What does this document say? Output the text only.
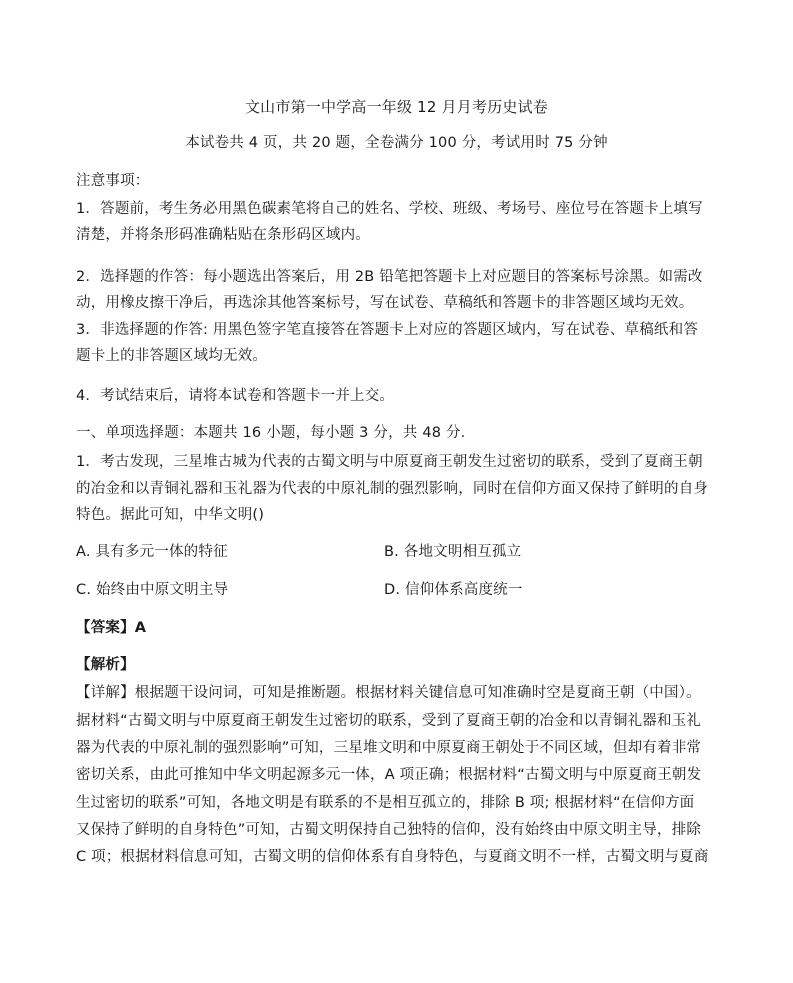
文山市第一中学高一年级 12 月月考历史试卷
本试卷共 4 页，共 20 题，全卷满分 100 分，考试用时 75 分钟
注意事项：
1．答题前，考生务必用黑色碳素笔将自己的姓名、学校、班级、考场号、座位号在答题卡上填写
清楚，并将条形码准确粘贴在条形码区域内。
2．选择题的作答：每小题选出答案后，用 2B 铅笔把答题卡上对应题目的答案标号涂黑。如需改
动，用橡皮擦干净后，再选涂其他答案标号，写在试卷、草稿纸和答题卡的非答题区域均无效。
3．非选择题的作答: 用黑色签字笔直接答在答题卡上对应的答题区域内，写在试卷、草稿纸和答
题卡上的非答题区域均无效。
4．考试结束后，请将本试卷和答题卡一并上交。
一、单项选择题：本题共 16 小题，每小题 3 分，共 48 分．
1．考古发现，三星堆古城为代表的古蜀文明与中原夏商王朝发生过密切的联系，受到了夏商王朝
的冶金和以青铜礼器和玉礼器为代表的中原礼制的强烈影响，同时在信仰方面又保持了鲜明的自身
特色。据此可知，中华文明()
A. 具有多元一体的特征	B. 各地文明相互孤立
C. 始终由中原文明主导	D. 信仰体系高度统一
【答案】A
【解析】
【详解】根据题干设问词，可知是推断题。根据材料关键信息可知准确时空是夏商王朝（中国）。
据材料“古蜀文明与中原夏商王朝发生过密切的联系，受到了夏商王朝的冶金和以青铜礼器和玉礼
器为代表的中原礼制的强烈影响”可知，三星堆文明和中原夏商王朝处于不同区域，但却有着非常
密切关系，由此可推知中华文明起源多元一体，A 项正确；根据材料“古蜀文明与中原夏商王朝发
生过密切的联系”可知，各地文明是有联系的不是相互孤立的，排除 B 项; 根据材料“在信仰方面
又保持了鲜明的自身特色”可知，古蜀文明保持自己独特的信仰，没有始终由中原文明主导，排除
C 项；根据材料信息可知，古蜀文明的信仰体系有自身特色，与夏商文明不一样，古蜀文明与夏商
